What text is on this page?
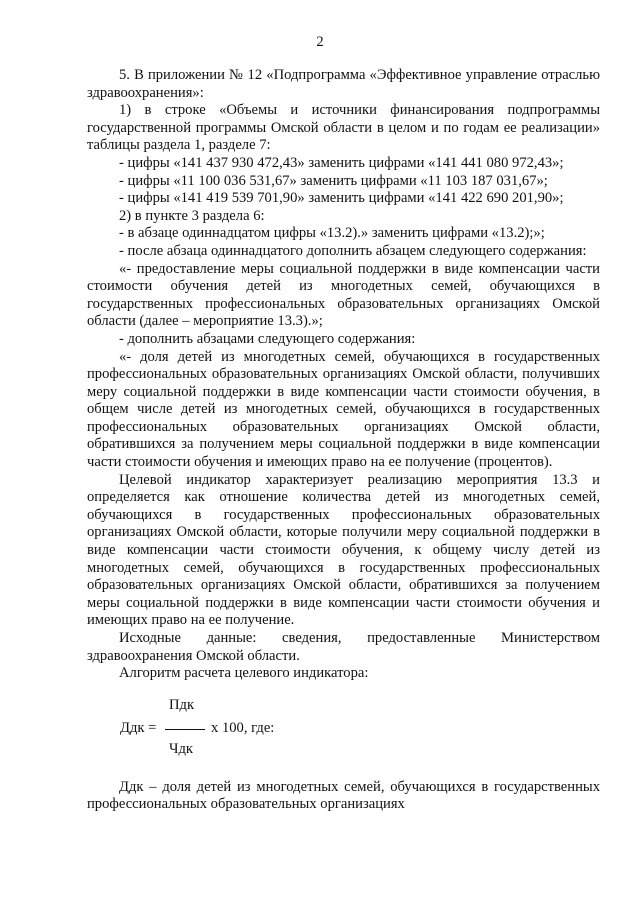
2

5. В приложении № 12 «Подпрограмма «Эффективное управление отраслью здравоохранения»:

1) в строке «Объемы и источники финансирования подпрограммы государственной программы Омской области в целом и по годам ее реализации» таблицы раздела 1, разделе 7:

- цифры «141 437 930 472,43» заменить цифрами «141 441 080 972,43»;

- цифры «11 100 036 531,67» заменить цифрами «11 103 187 031,67»;

- цифры «141 419 539 701,90» заменить цифрами «141 422 690 201,90»;

2) в пункте 3 раздела 6:

- в абзаце одиннадцатом цифры «13.2).» заменить цифрами «13.2);»;

- после абзаца одиннадцатого дополнить абзацем следующего содержания:

«- предоставление меры социальной поддержки в виде компенсации части стоимости обучения детей из многодетных семей, обучающихся в государственных профессиональных образовательных организациях Омской области (далее – мероприятие 13.3).»;

- дополнить абзацами следующего содержания:

«- доля детей из многодетных семей, обучающихся в государственных профессиональных образовательных организациях Омской области, получивших меру социальной поддержки в виде компенсации части стоимости обучения, в общем числе детей из многодетных семей, обучающихся в государственных профессиональных образовательных организациях Омской области, обратившихся за получением меры социальной поддержки в виде компенсации части стоимости обучения и имеющих право на ее получение (процентов).

Целевой индикатор характеризует реализацию мероприятия 13.3 и определяется как отношение количества детей из многодетных семей, обучающихся в государственных профессиональных образовательных организациях Омской области, которые получили меру социальной поддержки в виде компенсации части стоимости обучения, к общему числу детей из многодетных семей, обучающихся в государственных профессиональных образовательных организациях Омской области, обратившихся за получением меры социальной поддержки в виде компенсации части стоимости обучения и имеющих право на ее получение.

Исходные данные: сведения, предоставленные Министерством здравоохранения Омской области.

Алгоритм расчета целевого индикатора:

Ддк =
Пдк
х 100, где:
Чдк

Ддк – доля детей из многодетных семей, обучающихся в государственных профессиональных образовательных организациях
